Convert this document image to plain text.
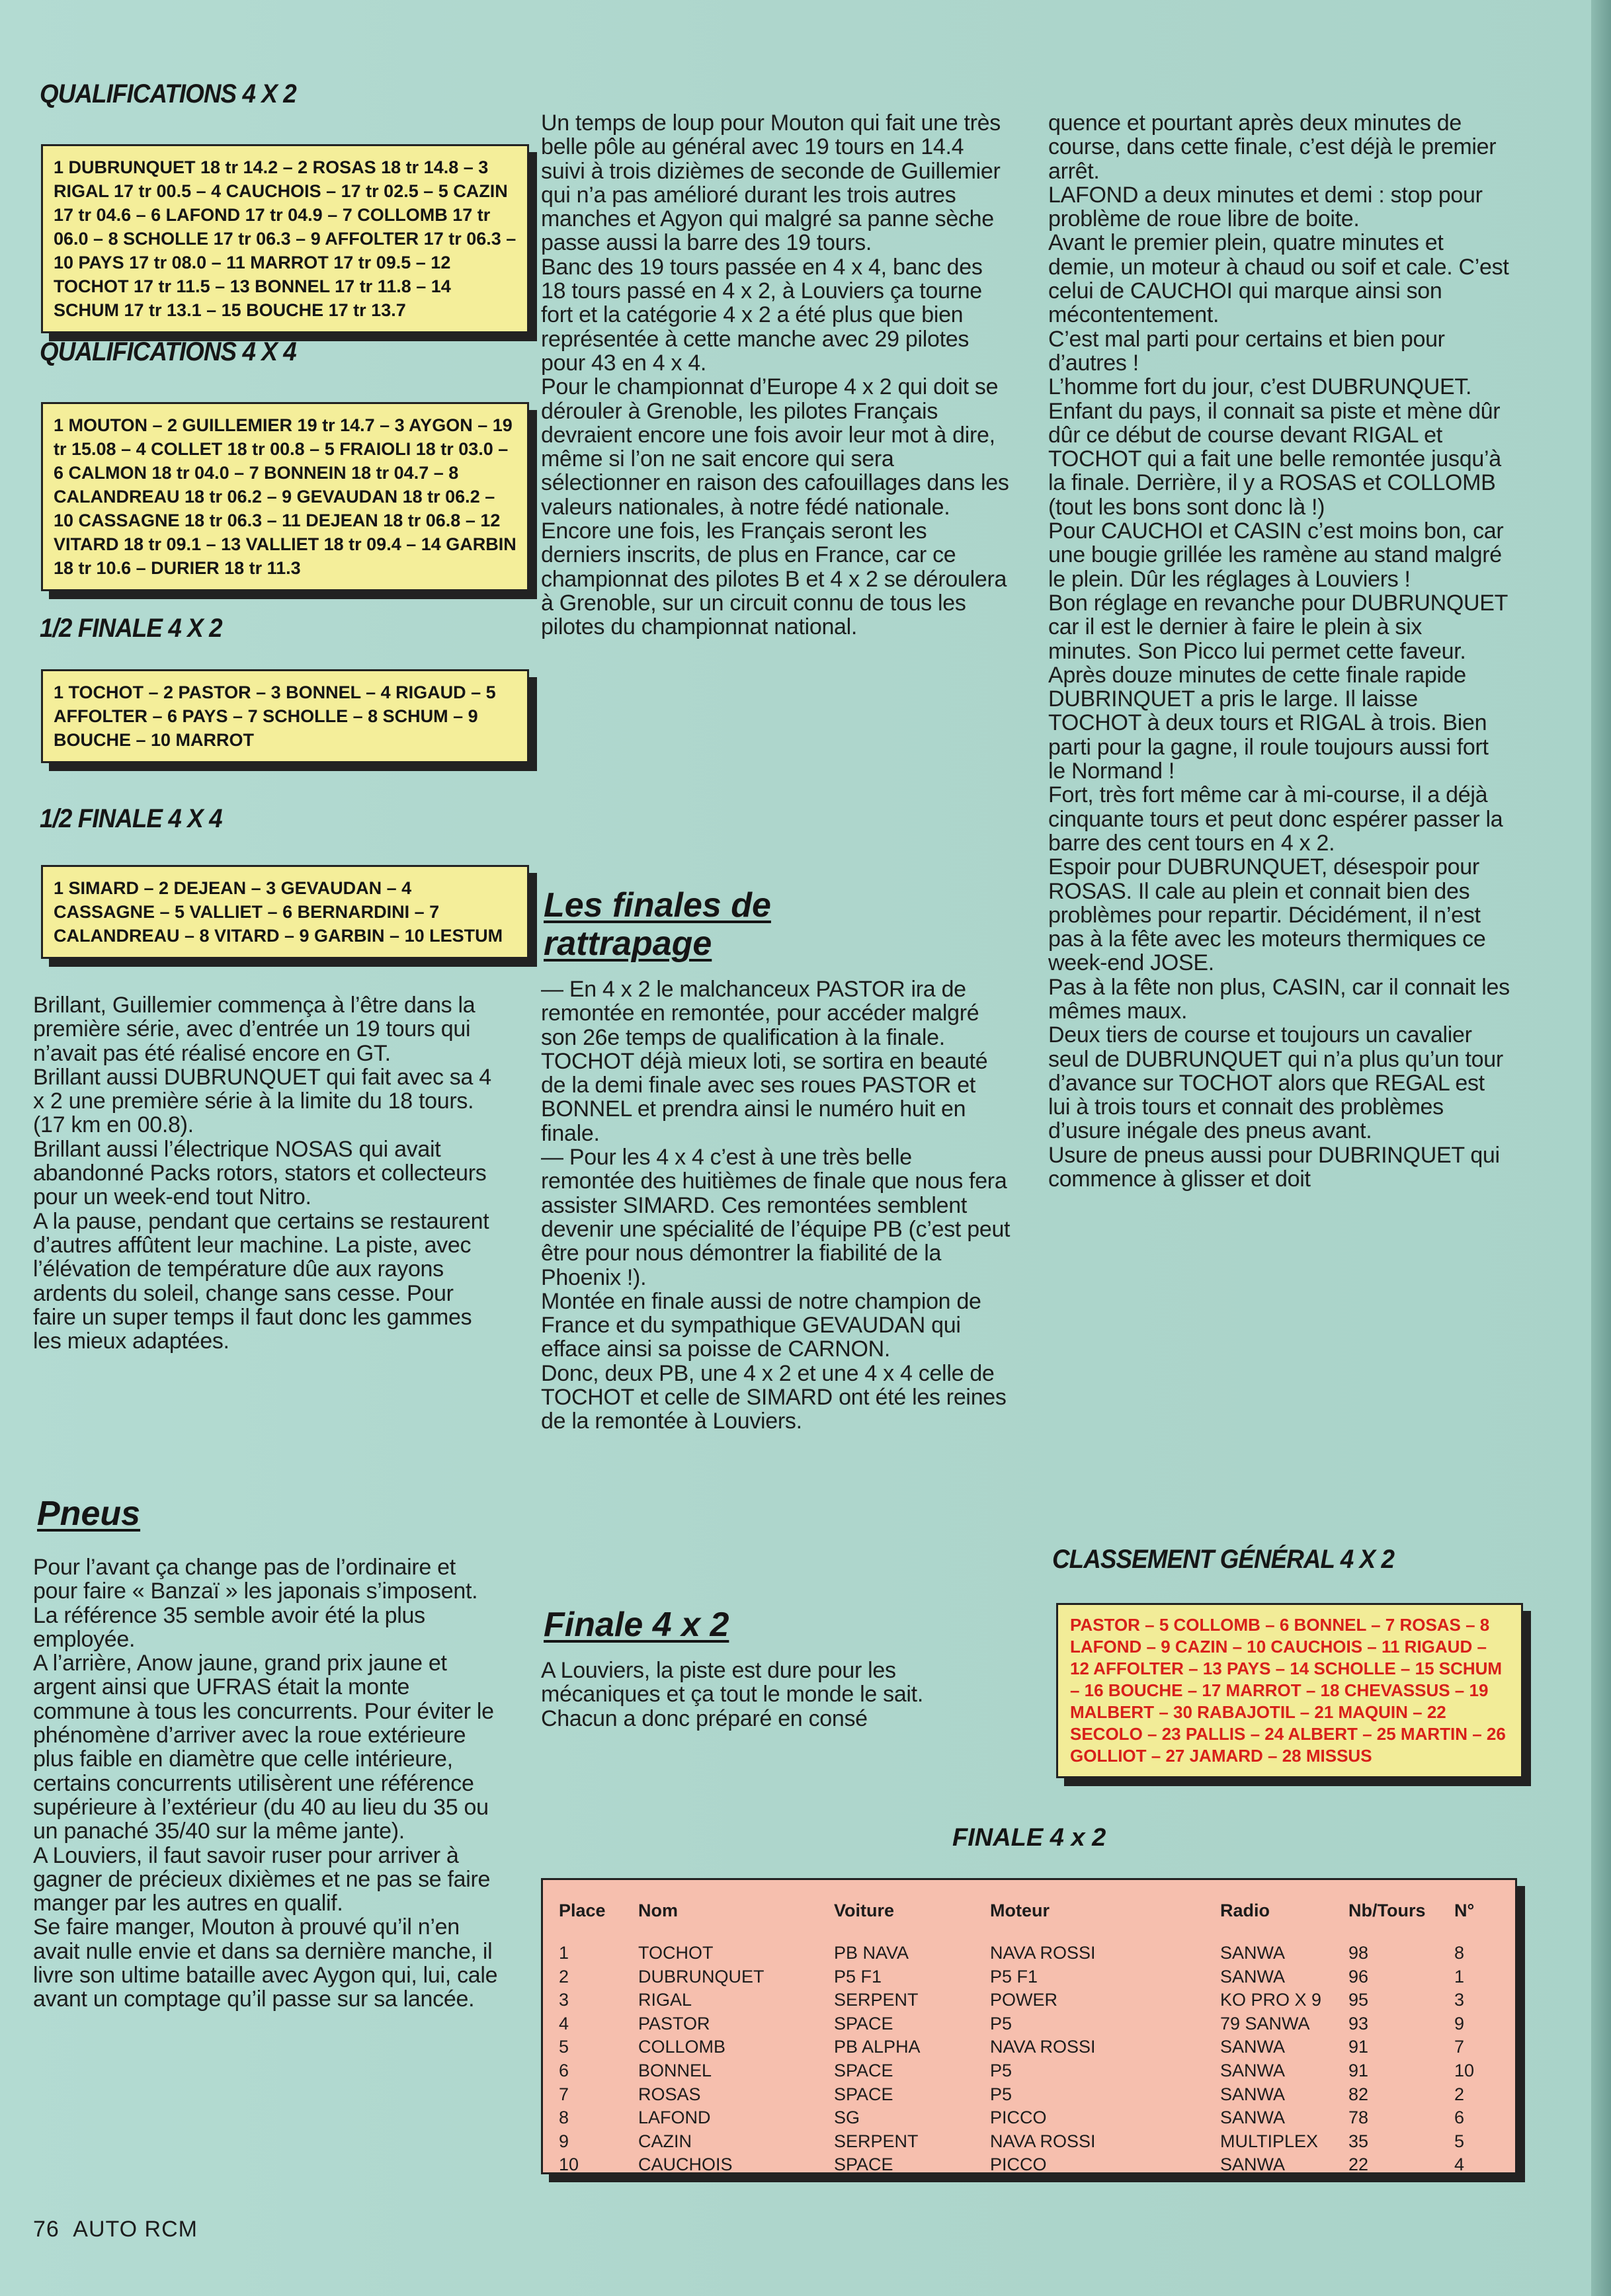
QUALIFICATIONS 4 X 2
1 DUBRUNQUET 18 tr 14.2 – 2 ROSAS 18 tr 14.8 – 3 RIGAL 17 tr 00.5 – 4 CAUCHOIS – 17 tr 02.5 – 5 CAZIN 17 tr 04.6 – 6 LAFOND 17 tr 04.9 – 7 COLLOMB 17 tr 06.0 – 8 SCHOLLE 17 tr 06.3 – 9 AFFOLTER 17 tr 06.3 – 10 PAYS 17 tr 08.0 – 11 MARROT 17 tr 09.5 – 12 TOCHOT 17 tr 11.5 – 13 BONNEL 17 tr 11.8 – 14 SCHUM 17 tr 13.1 – 15 BOUCHE 17 tr 13.7
QUALIFICATIONS 4 X 4
1 MOUTON – 2 GUILLEMIER 19 tr 14.7 – 3 AYGON – 19 tr 15.08 – 4 COLLET 18 tr 00.8 – 5 FRAIOLI 18 tr 03.0 – 6 CALMON 18 tr 04.0 – 7 BONNEIN 18 tr 04.7 – 8 CALANDREAU 18 tr 06.2 – 9 GEVAUDAN 18 tr 06.2 – 10 CASSAGNE 18 tr 06.3 – 11 DEJEAN 18 tr 06.8 – 12 VITARD 18 tr 09.1 – 13 VALLIET 18 tr 09.4 – 14 GARBIN 18 tr 10.6 – DURIER 18 tr 11.3
1/2 FINALE 4 X 2
1 TOCHOT – 2 PASTOR – 3 BONNEL – 4 RIGAUD – 5 AFFOLTER – 6 PAYS – 7 SCHOLLE – 8 SCHUM – 9 BOUCHE – 10 MARROT
1/2 FINALE 4 X 4
1 SIMARD – 2 DEJEAN – 3 GEVAUDAN – 4 CASSAGNE – 5 VALLIET – 6 BERNARDINI – 7 CALANDREAU – 8 VITARD – 9 GARBIN – 10 LESTUM

Brillant, Guillemier commença à l’être dans la première série, avec d’entrée un 19 tours qui n’avait pas été réalisé encore en GT.

Brillant aussi DUBRUNQUET qui fait avec sa 4 x 2 une première série à la limite du 18 tours. (17 km en 00.8).

Brillant aussi l’électrique NOSAS qui avait abandonné Packs rotors, stators et collecteurs pour un week-end tout Nitro.

A la pause, pendant que certains se restaurent d’autres affûtent leur machine. La piste, avec l’élévation de température dûe aux rayons ardents du soleil, change sans cesse. Pour faire un super temps il faut donc les gammes les mieux adaptées.

Pneus

Pour l’avant ça change pas de l’ordinaire et pour faire « Banzaï » les japonais s’imposent. La référence 35 semble avoir été la plus employée.

A l’arrière, Anow jaune, grand prix jaune et argent ainsi que UFRAS était la monte commune à tous les concurrents. Pour éviter le phénomène d’arriver avec la roue extérieure plus faible en diamètre que celle intérieure, certains concurrents utilisèrent une référence supérieure à l’extérieur (du 40 au lieu du 35 ou un panaché 35/40 sur la même jante).

A Louviers, il faut savoir ruser pour arriver à gagner de précieux dixièmes et ne pas se faire manger par les autres en qualif.

Se faire manger, Mouton à prouvé qu’il n’en avait nulle envie et dans sa dernière manche, il livre son ultime bataille avec Aygon qui, lui, cale avant un comptage qu’il passe sur sa lancée.

Un temps de loup pour Mouton qui fait une très belle pôle au général avec 19 tours en 14.4 suivi à trois dizièmes de seconde de Guillemier qui n’a pas amélioré durant les trois autres manches et Agyon qui malgré sa panne sèche passe aussi la barre des 19 tours.

Banc des 19 tours passée en 4 x 4, banc des 18 tours passé en 4 x 2, à Louviers ça tourne fort et la catégorie 4 x 2 a été plus que bien représentée à cette manche avec 29 pilotes pour 43 en 4 x 4.

Pour le championnat d’Europe 4 x 2 qui doit se dérouler à Grenoble, les pilotes Français devraient encore une fois avoir leur mot à dire, même si l’on ne sait encore qui sera sélectionner en raison des cafouillages dans les valeurs nationales, à notre fédé nationale. Encore une fois, les Français seront les derniers inscrits, de plus en France, car ce championnat des pilotes B et 4 x 2 se déroulera à Grenoble, sur un circuit connu de tous les pilotes du championnat national.

Les finales de rattrapage

— En 4 x 2 le malchanceux PASTOR ira de remontée en remontée, pour accéder malgré son 26e temps de qualification à la finale. TOCHOT déjà mieux loti, se sortira en beauté de la demi finale avec ses roues PASTOR et BONNEL et prendra ainsi le numéro huit en finale.

— Pour les 4 x 4 c’est à une très belle remontée des huitièmes de finale que nous fera assister SIMARD. Ces remontées semblent devenir une spécialité de l’équipe PB (c’est peut être pour nous démontrer la fiabilité de la Phoenix !).

Montée en finale aussi de notre champion de France et du sympathique GEVAUDAN qui efface ainsi sa poisse de CARNON.

Donc, deux PB, une 4 x 2 et une 4 x 4 celle de TOCHOT et celle de SIMARD ont été les reines de la remontée à Louviers.

Finale 4 x 2

A Louviers, la piste est dure pour les mécaniques et ça tout le monde le sait.

Chacun a donc préparé en consé

quence et pourtant après deux minutes de course, dans cette finale, c’est déjà le premier arrêt.

LAFOND a deux minutes et demi : stop pour problème de roue libre de boite.

Avant le premier plein, quatre minutes et demie, un moteur à chaud ou soif et cale. C’est celui de CAUCHOI qui marque ainsi son mécontentement.

C’est mal parti pour certains et bien pour d’autres !

L’homme fort du jour, c’est DUBRUNQUET. Enfant du pays, il connait sa piste et mène dûr dûr ce début de course devant RIGAL et TOCHOT qui a fait une belle remontée jusqu’à la finale. Derrière, il y a ROSAS et COLLOMB (tout les bons sont donc là !)

Pour CAUCHOI et CASIN c’est moins bon, car une bougie grillée les ramène au stand malgré le plein. Dûr les réglages à Louviers !

Bon réglage en revanche pour DUBRUNQUET car il est le dernier à faire le plein à six minutes. Son Picco lui permet cette faveur.

Après douze minutes de cette finale rapide DUBRINQUET a pris le large. Il laisse TOCHOT à deux tours et RIGAL à trois. Bien parti pour la gagne, il roule toujours aussi fort le Normand !

Fort, très fort même car à mi-course, il a déjà cinquante tours et peut donc espérer passer la barre des cent tours en 4 x 2.

Espoir pour DUBRUNQUET, désespoir pour ROSAS. Il cale au plein et connait bien des problèmes pour repartir. Décidément, il n’est pas à la fête avec les moteurs thermiques ce week-end JOSE.

Pas à la fête non plus, CASIN, car il connait les mêmes maux.

Deux tiers de course et toujours un cavalier seul de DUBRUNQUET qui n’a plus qu’un tour d’avance sur TOCHOT alors que REGAL est lui à trois tours et connait des problèmes d’usure inégale des pneus avant.

Usure de pneus aussi pour DUBRINQUET qui commence à glisser et doit

CLASSEMENT GÉNÉRAL 4 X 2
PASTOR – 5 COLLOMB – 6 BONNEL – 7 ROSAS – 8 LAFOND – 9 CAZIN – 10 CAUCHOIS – 11 RIGAUD – 12 AFFOLTER – 13 PAYS – 14 SCHOLLE – 15 SCHUM – 16 BOUCHE – 17 MARROT – 18 CHEVASSUS – 19 MALBERT – 30 RABAJOTIL – 21 MAQUIN – 22 SECOLO – 23 PALLIS – 24 ALBERT – 25 MARTIN – 26 GOLLIOT – 27 JAMARD – 28 MISSUS
FINALE 4 x 2
Place Nom	Voiture	Moteur	Radio	Nb/Tours N°
1	TOCHOT	PB NAVA	NAVA ROSSI	SANWA	98	8
2	DUBRUNQUET	P5 F1	P5 F1	SANWA	96	1
3	RIGAL	SERPENT	POWER	KO PRO X 9 95	3
4	PASTOR	SPACE	P5	79 SANWA 93	9
5	COLLOMB	PB ALPHA	NAVA ROSSI	SANWA	91	7
6	BONNEL	SPACE	P5	SANWA	91	10
7	ROSAS	SPACE	P5	SANWA	82	2
8	LAFOND	SG	PICCO	SANWA	78	6
9	CAZIN	SERPENT	NAVA ROSSI	MULTIPLEX 35	5
10	CAUCHOIS	SPACE	PICCO	SANWA	22	4
76 AUTO RCM
